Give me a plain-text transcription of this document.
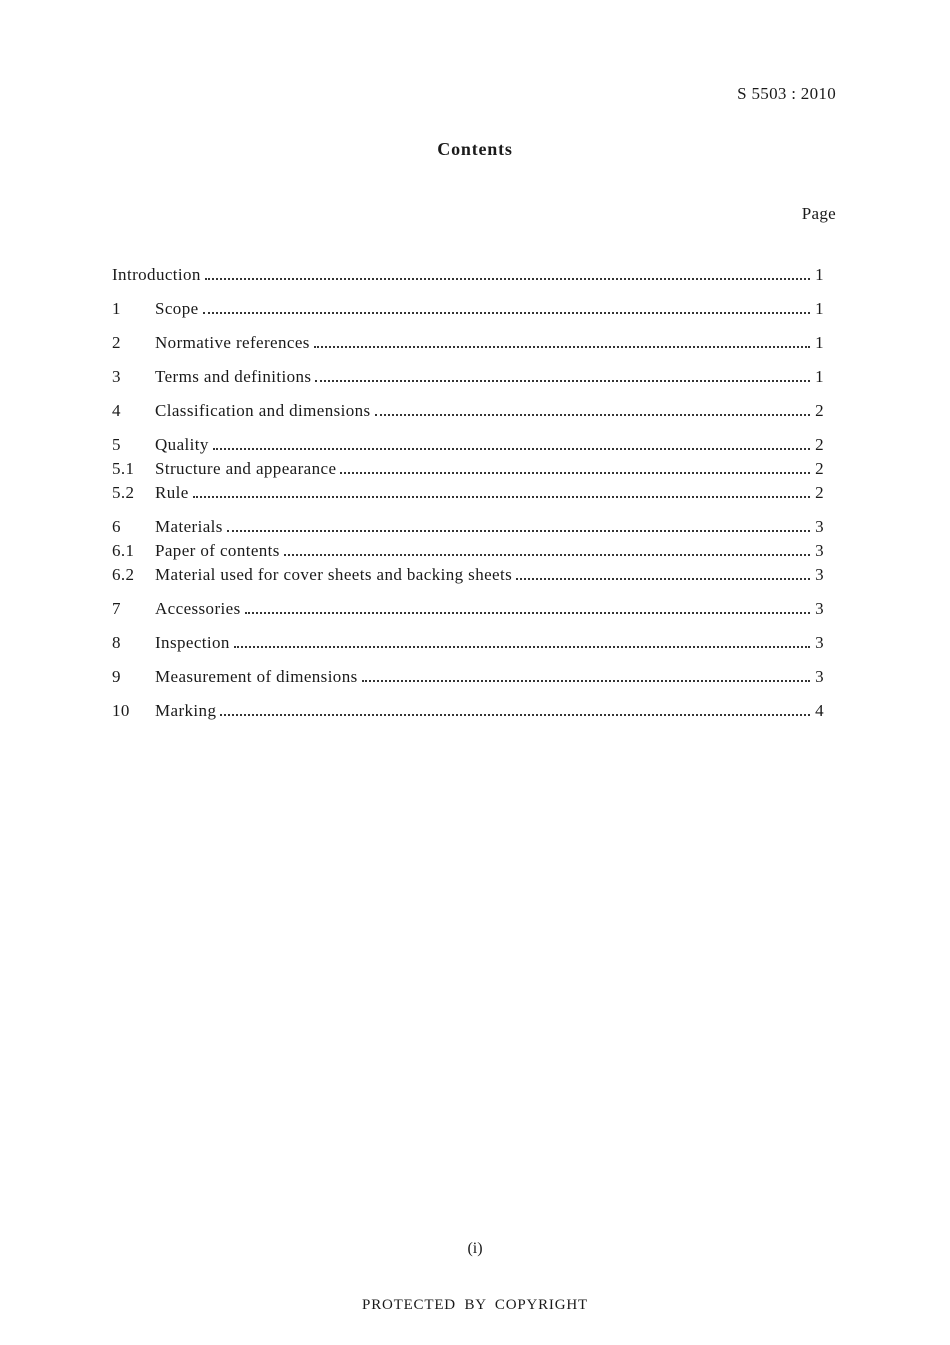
S 5503 : 2010
Contents
Page
Introduction	1
1	Scope	1
2	Normative references	1
3	Terms and definitions	1
4	Classification and dimensions	2
5	Quality	2
5.1	Structure and appearance	2
5.2	Rule	2
6	Materials	3
6.1	Paper of contents	3
6.2	Material used for cover sheets and backing sheets	3
7	Accessories	3
8	Inspection	3
9	Measurement of dimensions	3
10	Marking	4
(i)
PROTECTED BY COPYRIGHT
